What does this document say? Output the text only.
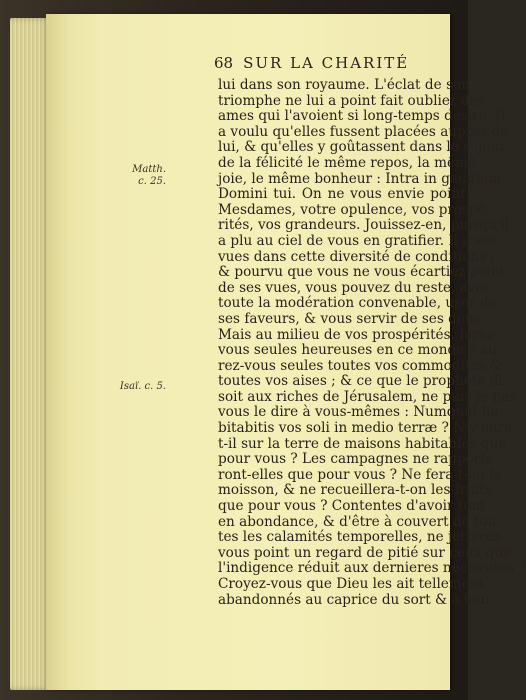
68 SUR LA CHARITÉ
Matth.
c. 25.
Isaï. c. 5.
lui dans son royaume. L'éclat de son
triomphe ne lui a point fait oublier des
ames qui l'avoient si long-temps desiré. Il
a voulu qu'elles fussent placées auprès de
lui, & qu'elles y goûtassent dans le séjour
de la félicité le même repos, la même
joie, le même bonheur : Intra in gaudium
Domini tui. On ne vous envie point,
Mesdames, votre opulence, vos prospé-
rités, vos grandeurs. Jouissez-en, puisqu'il
a plu au ciel de vous en gratifier. Il a ses
vues dans cette diversité de conditions ;
& pourvu que vous ne vous écartiez point
de ses vues, vous pouvez du reste, avec
toute la modération convenable, user de
ses faveurs, & vous servir de ses dons.
Mais au milieu de vos prospérités, ferez-
vous seules heureuses en ce monde ? au-
rez-vous seules toutes vos commodités &
toutes vos aises ; & ce que le prophete di-
soit aux riches de Jérusalem, ne puis-je pas
vous le dire à vous-mêmes : Numquid ha-
bitabitis vos soli in medio terræ ? N'y aura-
t-il sur la terre de maisons habitables que
pour vous ? Les campagnes ne rapporte-
ront-elles que pour vous ? Ne fera-t-on la
moisson, & ne recueillera-t-on les fruits
que pour vous ? Contentes d'avoir tout
en abondance, & d'être à couvert de tou-
tes les calamités temporelles, ne jetterez-
vous point un regard de pitié sur ceux que
l'indigence réduit aux dernieres nécessités ?
Croyez-vous que Dieu les ait tellement
abandonnés au caprice du sort & à leur
